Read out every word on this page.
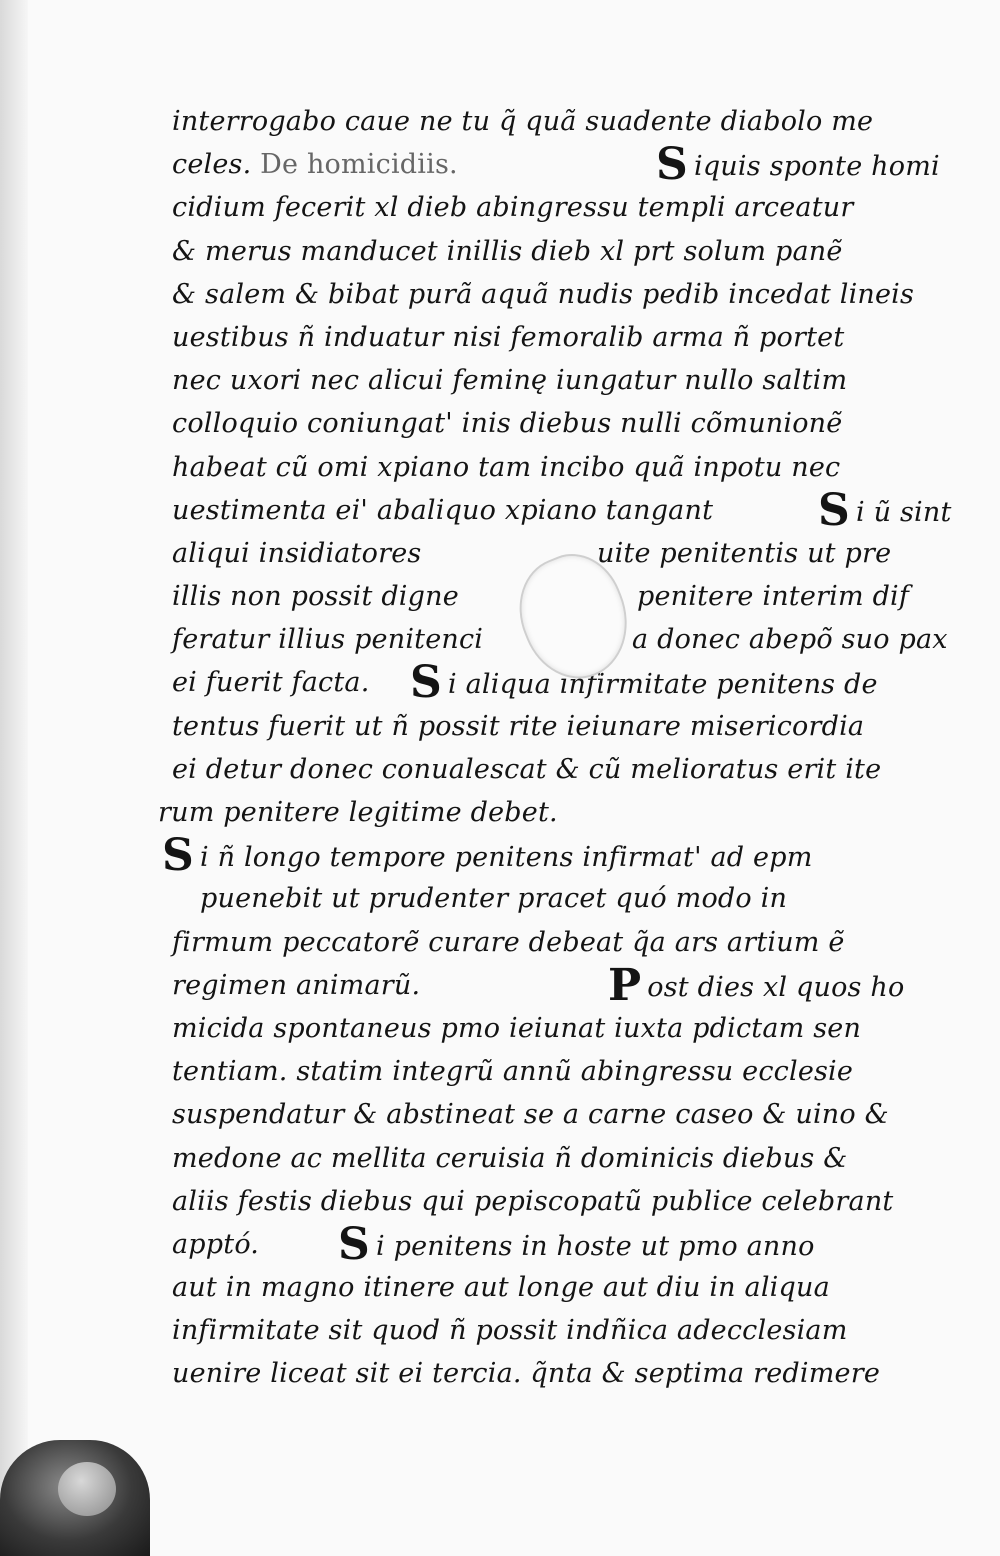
interrogabo caue ne tu q̃ quã suadente diabolo me
celes. De homicidiis.	S iquis sponte homi
cidium fecerit xl dieb abingressu templi arceatur
& merus manducet inillis dieb xl prt solum panẽ
& salem & bibat purã aquã nudis pedib incedat lineis
uestibus ñ induatur nisi femoralib arma ñ portet
nec uxori nec alicui feminę iungatur nullo saltim
colloquio coniungat' inis diebus nulli cõmunionẽ
habeat cũ omi xpiano tam incibo quã inpotu nec
uestimenta ei' abaliquo xpiano tangant S i ũ sint
aliqui insidiatores	uite penitentis ut pre
illis non possit digne	penitere interim dif
feratur illius penitenci	a donec abepõ suo pax
ei fuerit facta. S i aliqua infirmitate penitens de
tentus fuerit ut ñ possit rite ieiunare misericordia
ei detur donec conualescat & cũ melioratus erit ite
rum penitere legitime debet.
S i ñ longo tempore penitens infirmat' ad epm
puenebit ut prudenter pracet quó modo in
firmum peccatorẽ curare debeat q̃a ars artium ẽ
regimen animarũ.	P ost dies xl quos ho
micida spontaneus pmo ieiunat iuxta pdictam sen
tentiam. statim integrũ annũ abingressu ecclesie
suspendatur & abstineat se a carne caseo & uino &
medone ac mellita ceruisia ñ dominicis diebus &
aliis festis diebus qui pepiscopatũ publice celebrant
apptó. S i penitens in hoste ut pmo anno
aut in magno itinere aut longe aut diu in aliqua
infirmitate sit quod ñ possit indñica adecclesiam
uenire liceat sit ei tercia. q̃nta & septima redimere
